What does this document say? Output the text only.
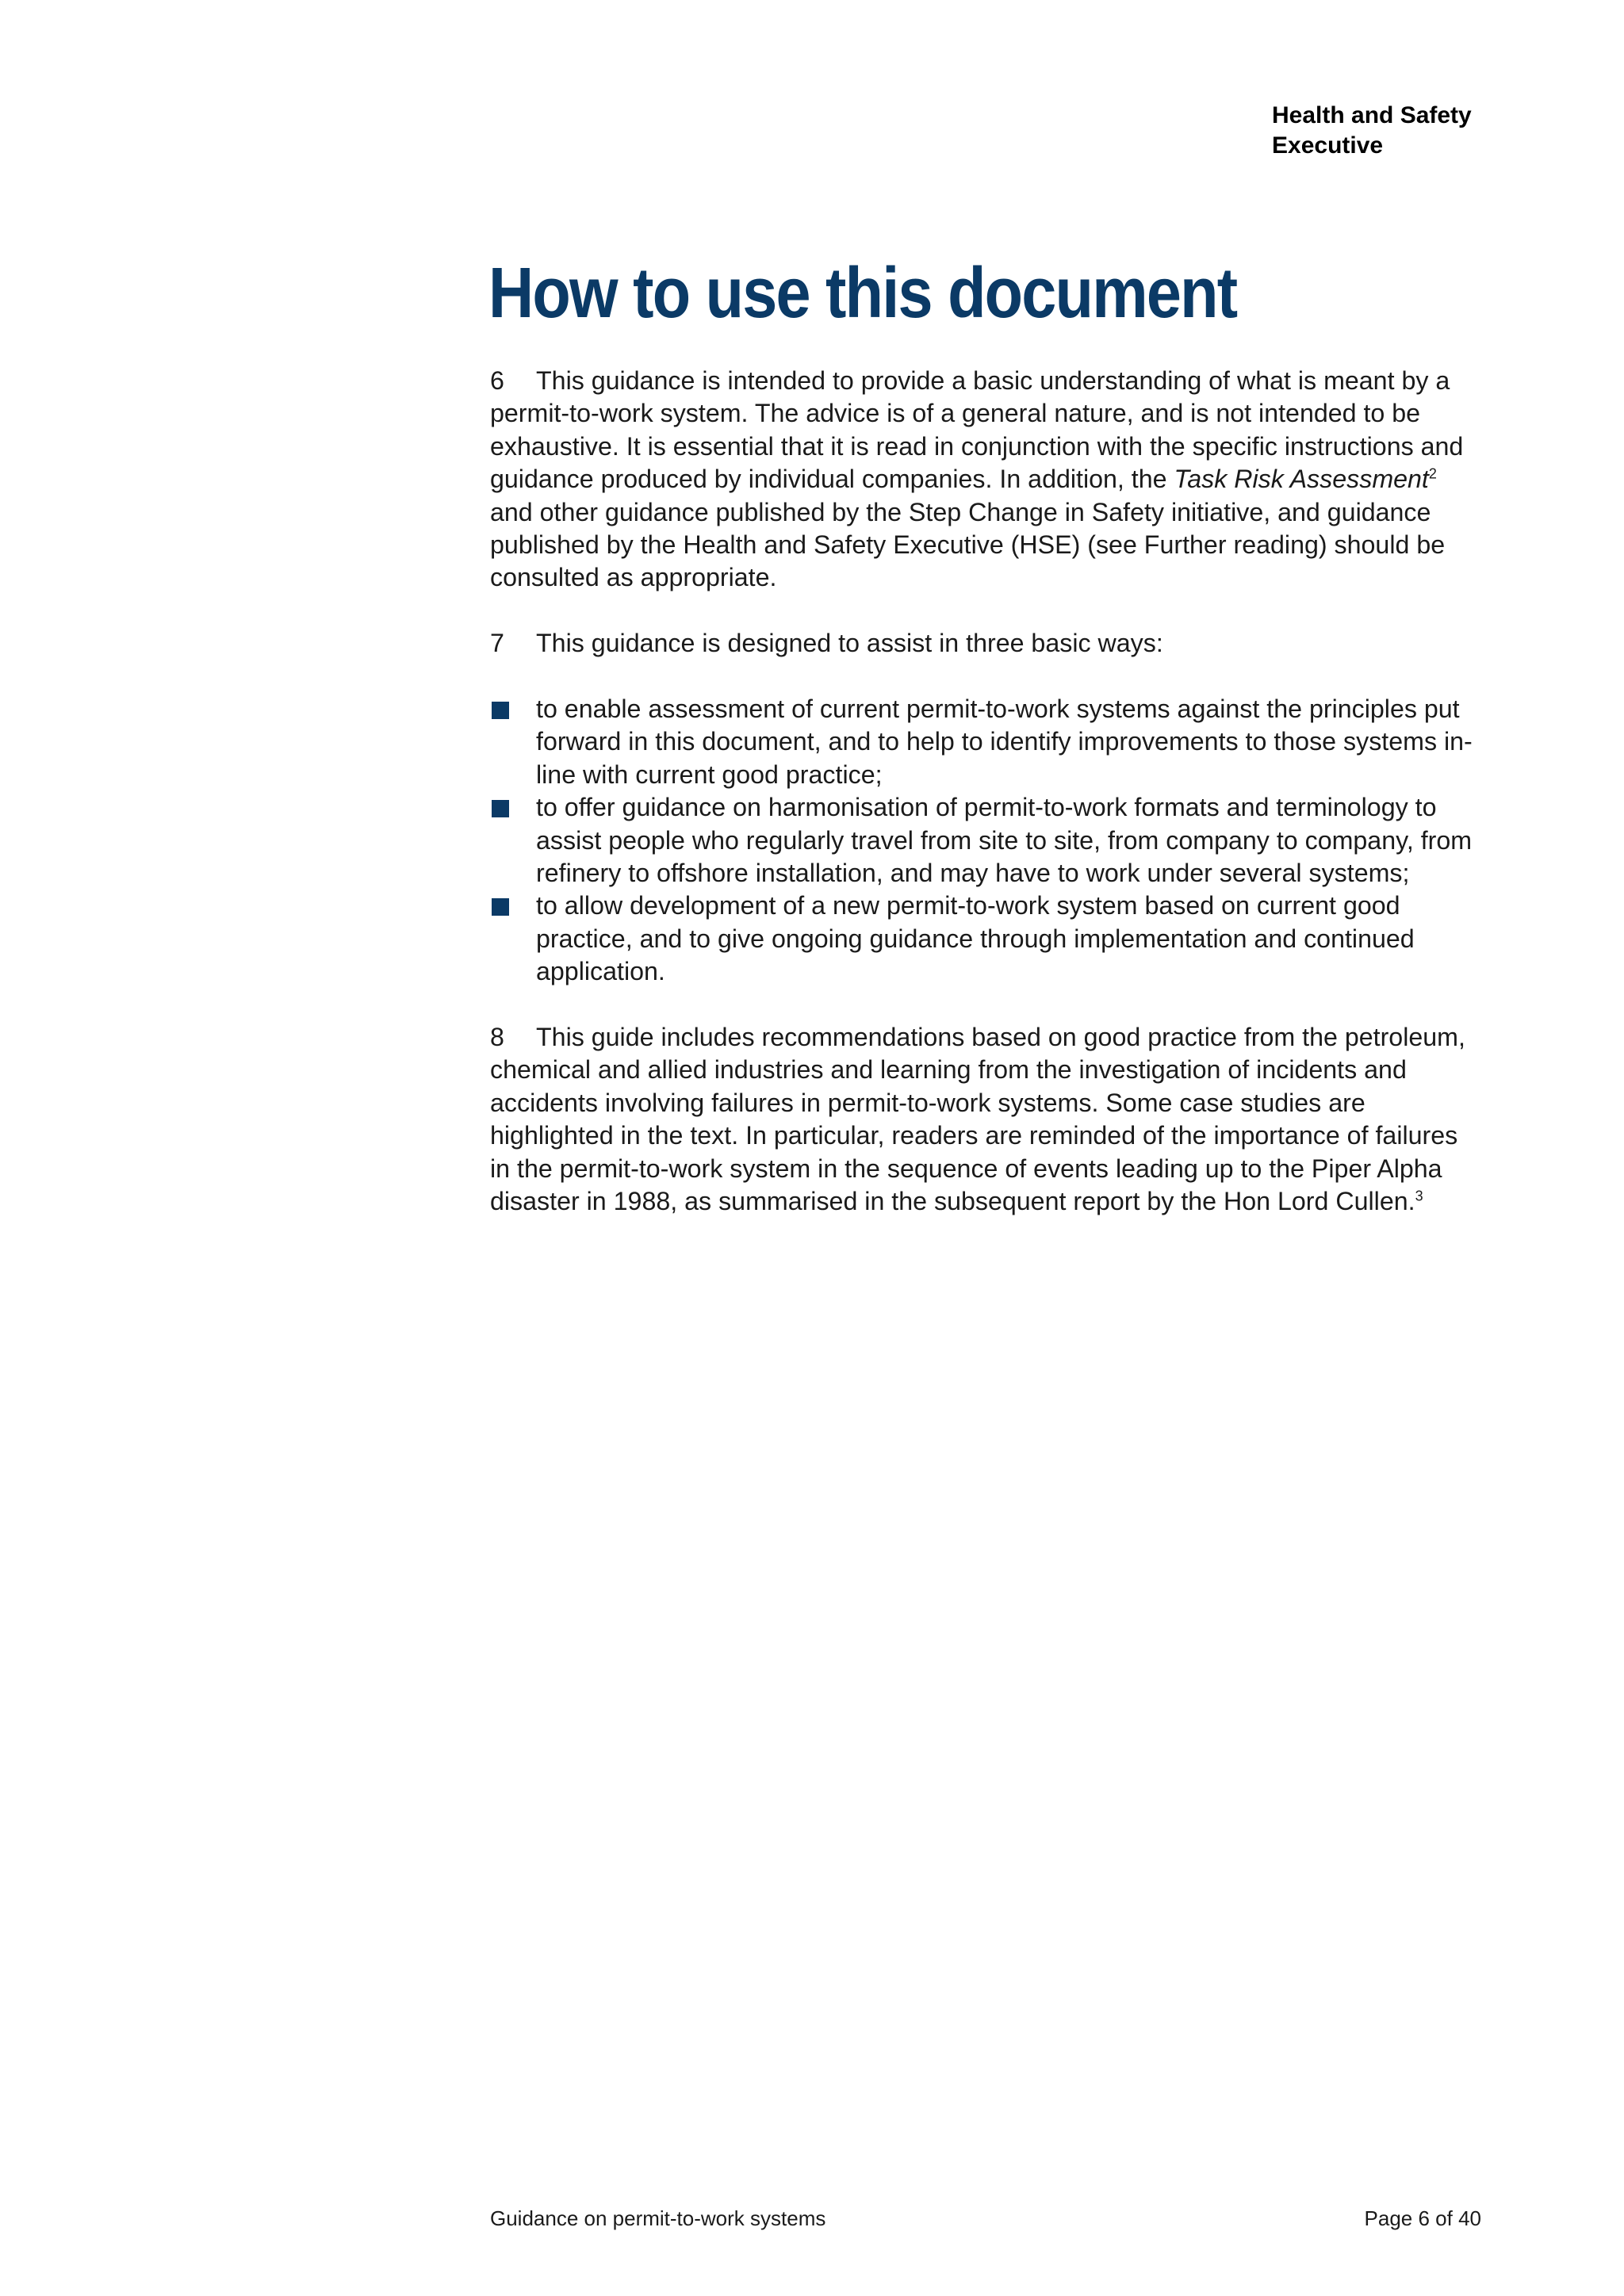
Health and Safety
Executive
How to use this document

6 This guidance is intended to provide a basic understanding of what is meant by a permit-to-work system. The advice is of a general nature, and is not intended to be exhaustive. It is essential that it is read in conjunction with the specific instructions and guidance produced by individual companies. In addition, the Task Risk Assessment$^2$ and other guidance published by the Step Change in Safety initiative, and guidance published by the Health and Safety Executive (HSE) (see Further reading) should be consulted as appropriate.

7 This guidance is designed to assist in three basic ways:

to enable assessment of current permit-to-work systems against the principles put forward in this document, and to help to identify improvements to those systems in-line with current good practice;
to offer guidance on harmonisation of permit-to-work formats and terminology to assist people who regularly travel from site to site, from company to company, from refinery to offshore installation, and may have to work under several systems;
to allow development of a new permit-to-work system based on current good practice, and to give ongoing guidance through implementation and continued application.

8 This guide includes recommendations based on good practice from the petroleum, chemical and allied industries and learning from the investigation of incidents and accidents involving failures in permit-to-work systems. Some case studies are highlighted in the text. In particular, readers are reminded of the importance of failures in the permit-to-work system in the sequence of events leading up to the Piper Alpha disaster in 1988, as summarised in the subsequent report by the Hon Lord Cullen.$^3$

Guidance on permit-to-work systems	Page 6 of 40
